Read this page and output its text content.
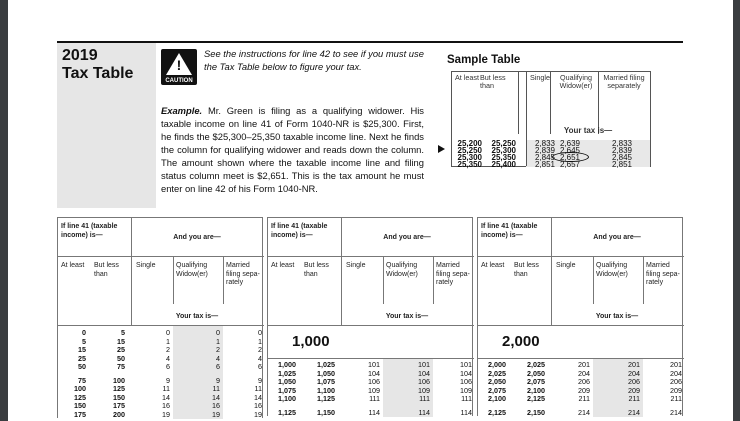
2019
Tax Table	!
CAUTION
See the instructions for line 42 to see if you must use the Tax Table below to figure your tax.
Example. Mr. Green is filing as a qualifying widower. His taxable income on line 41 of Form 1040-NR is $25,300. First, he finds the $25,300–25,350 taxable income line. Next he finds the column for qualifying widower and reads down the column. The amount shown where the taxable income line and filing status column meet is $2,651. This is the tax amount he must enter on line 42 of his Form 1040-NR.
Sample Table
At least But less than
Single	Qualifying Widow(er)
Married filing separately
Your tax is—
25,200	25,250	2,833 2,639	2,833
25,250	25,300	2,839 2,645	2,839
25,300	25,350	2,845 2,651	2,845
25,350	25,400	2,851 2,657	2,851
If line 41 (taxable income) is—	And you are—
At least But less than
Single	Qualifying Widow(er)
Married filing sepa- rately
Your tax is—
0	5	0	0	0
5	15	1	1	1
15	25	2	2	2
25	50	4	4	4
50	75	6	6	6
75	100	9	9	9
100	125	11	11	11
125	150	14	14	14
150	175	16	16	16
175	200	19	19	19
If line 41 (taxable income) is—	And you are—
At least But less than
Single	Qualifying Widow(er)
Married filing sepa- rately
Your tax is—
1,000
1,000	1,025	101	101	101
1,025	1,050	104	104	104
1,050	1,075	106	106	106
1,075	1,100	109	109	109
1,100	1,125	111	111	111
1,125	1,150	114	114	114
If line 41 (taxable income) is—	And you are—
At least But less than
Single	Qualifying Widow(er)
Married filing sepa- rately
Your tax is—
2,000
2,000	2,025	201	201	201
2,025	2,050	204	204	204
2,050	2,075	206	206	206
2,075	2,100	209	209	209
2,100	2,125	211	211	211
2,125	2,150	214	214	214
